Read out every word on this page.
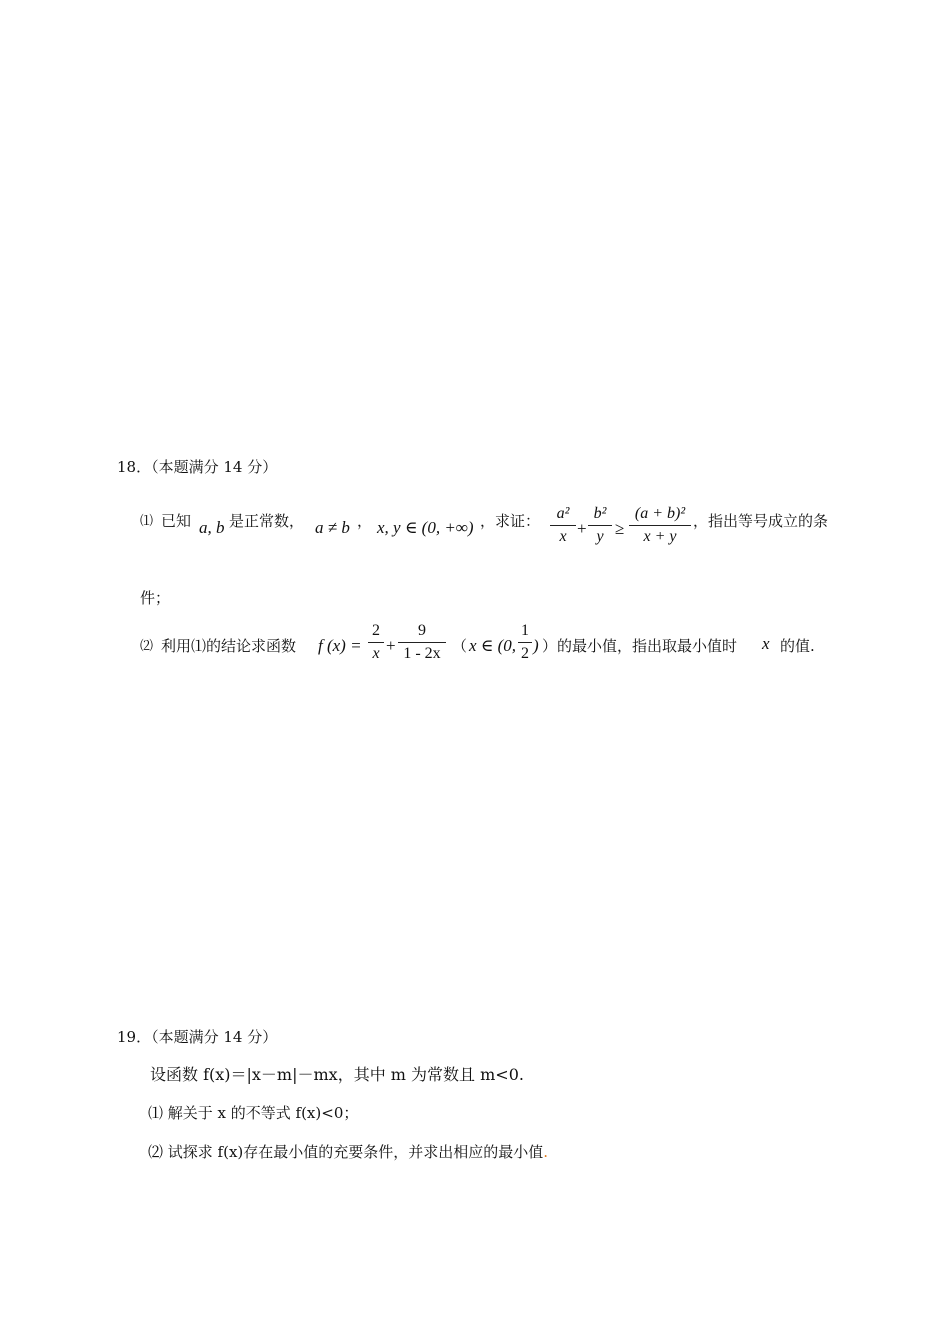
18．（本题满分 14 分）
⑴ 已知 a, b 是正常数， a ≠ b ， x, y ∈ (0, +∞) ，求证：	a²
x +
b²
y ≥
(a + b)²
x + y
，指出等号成立的条
件；
⑵ 利用⑴的结论求函数 f (x) =
2
x +
9
1 - 2x （ x ∈ (0,
1
2 ) ）的最小值，指出取最小值时 x 的值.
19．（本题满分 14 分）
设函数 f(x)＝|x－m|－mx，其中 m 为常数且 m<0.
⑴ 解关于 x 的不等式 f(x)<0；
⑵ 试探求 f(x)存在最小值的充要条件，并求出相应的最小值.
